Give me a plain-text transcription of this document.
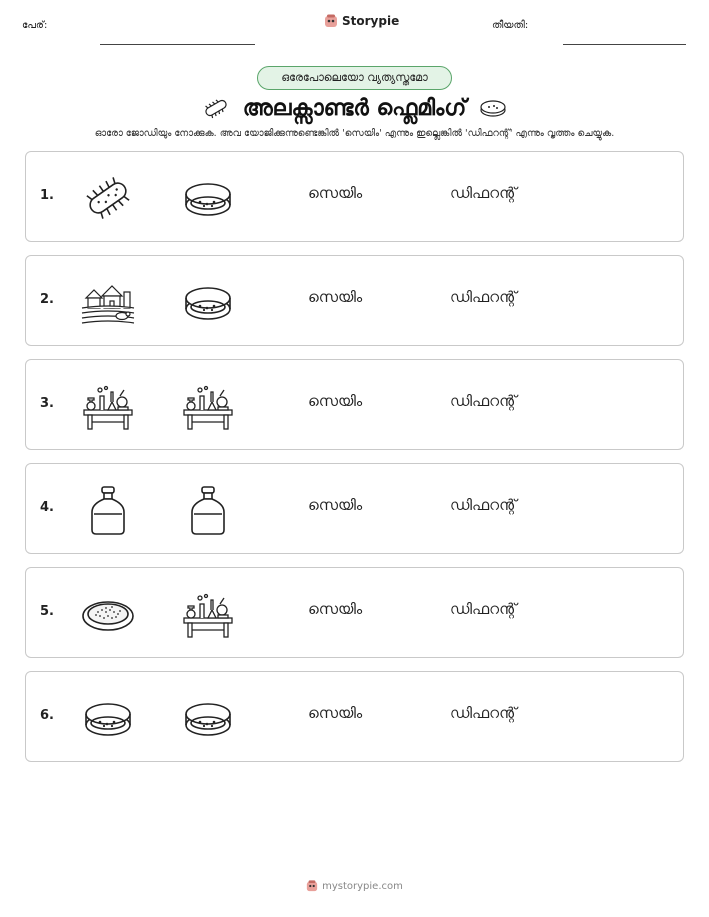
പേര്:	Storypie	തീയതി:
ഒരേപോലെയോ വ്യത്യസ്തമോ
അലക്സാണ്ടർ ഫ്ലെമിംഗ്
ഓരോ ജോഡിയും നോക്കുക. അവ യോജിക്കുന്നുണ്ടെങ്കിൽ 'സെയിം' എന്നും ഇല്ലെങ്കിൽ 'ഡിഫറന്റ്' എന്നും വൃത്തം ചെയ്യുക.
1.	സെയിം	ഡിഫറന്റ്
2.	സെയിം	ഡിഫറന്റ്
3.	സെയിം	ഡിഫറന്റ്
4.	സെയിം	ഡിഫറന്റ്
5.	സെയിം	ഡിഫറന്റ്
6.	സെയിം	ഡിഫറന്റ്
mystorypie.com
